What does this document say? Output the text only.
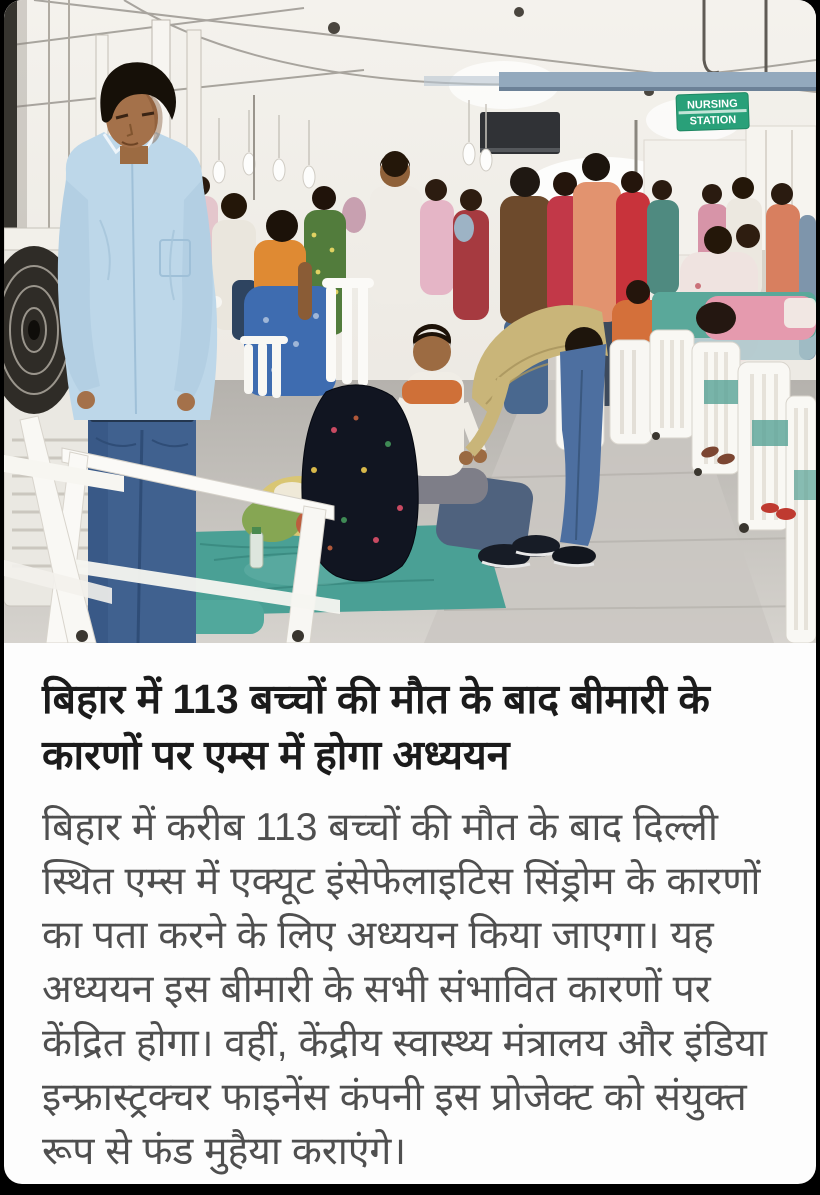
NURSING
STATION
बिहार में 113 बच्चों की मौत के बाद बीमारी के कारणों पर एम्स में होगा अध्ययन

बिहार में करीब 113 बच्चों की मौत के बाद दिल्ली स्थित एम्स में एक्यूट इंसेफेलाइटिस सिंड्रोम के कारणों का पता करने के लिए अध्ययन किया जाएगा। यह अध्ययन इस बीमारी के सभी संभावित कारणों पर केंद्रित होगा। वहीं, केंद्रीय स्वास्थ्य मंत्रालय और इंडिया इन्फ्रास्ट्रक्चर फाइनेंस कंपनी इस प्रोजेक्ट को संयुक्त रूप से फंड मुहैया कराएंगे।
